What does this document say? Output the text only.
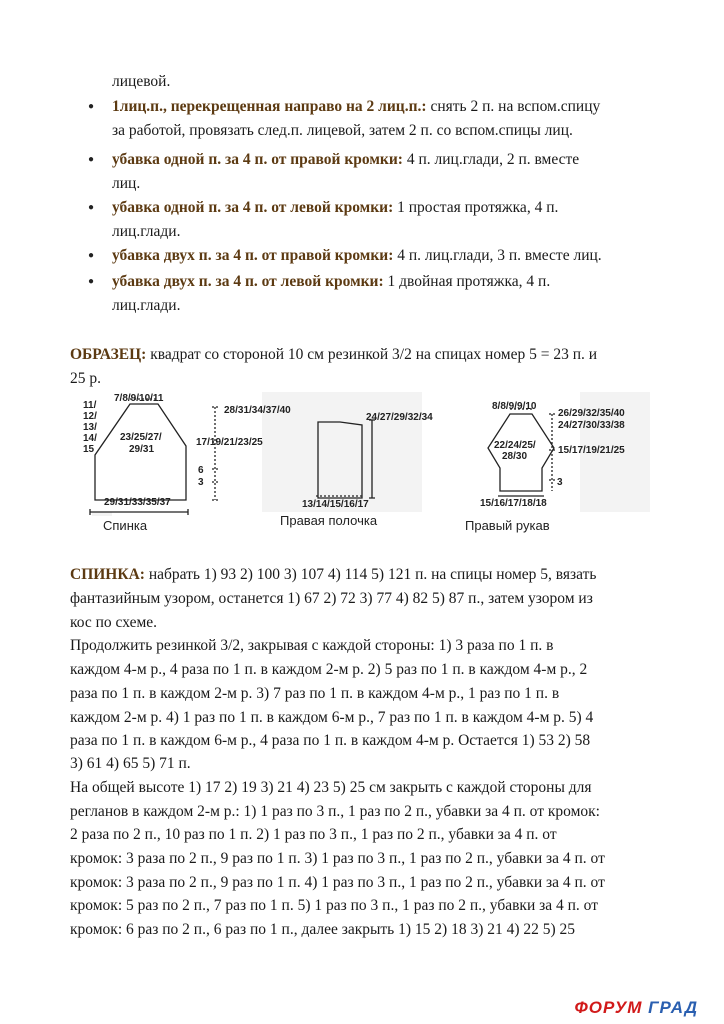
лицевой.
1лиц.п., перекрещенная направо на 2 лиц.п.: снять 2 п. на вспом.спицу
за работой, провязать след.п. лицевой, затем 2 п. со вспом.спицы лиц.
убавка одной п. за 4 п. от правой кромки: 4 п. лиц.глади, 2 п. вместе
лиц.
убавка одной п. за 4 п. от левой кромки: 1 простая протяжка, 4 п.
лиц.глади.
убавка двух п. за 4 п. от правой кромки: 4 п. лиц.глади, 3 п. вместе лиц.
убавка двух п. за 4 п. от левой кромки: 1 двойная протяжка, 4 п.
лиц.глади.
ОБРАЗЕЦ: квадрат со стороной 10 см резинкой 3/2 на спицах номер 5 = 23 п. и
25 р.
7/8/9/10/11
11/
12/
13/
14/
15
23/25/27/
29/31
28/31/34/37/40
17/19/21/23/25
6
3
29/31/33/35/37
Спинка
24/27/29/32/34
13/14/15/16/17
Правая полочка
8/8/9/9/10
26/29/32/35/40
24/27/30/33/38
22/24/25/
28/30
15/17/19/21/25
3
15/16/17/18/18
Правый рукав
СПИНКА: набрать 1) 93 2) 100 3) 107 4) 114 5) 121 п. на спицы номер 5, вязать
фантазийным узором, останется 1) 67 2) 72 3) 77 4) 82 5) 87 п., затем узором из
кос по схеме.
Продолжить резинкой 3/2, закрывая с каждой стороны: 1) 3 раза по 1 п. в
каждом 4-м р., 4 раза по 1 п. в каждом 2-м р. 2) 5 раз по 1 п. в каждом 4-м р., 2
раза по 1 п. в каждом 2-м р. 3) 7 раз по 1 п. в каждом 4-м р., 1 раз по 1 п. в
каждом 2-м р. 4) 1 раз по 1 п. в каждом 6-м р., 7 раз по 1 п. в каждом 4-м р. 5) 4
раза по 1 п. в каждом 6-м р., 4 раза по 1 п. в каждом 4-м р. Остается 1) 53 2) 58
3) 61 4) 65 5) 71 п.
На общей высоте 1) 17 2) 19 3) 21 4) 23 5) 25 см закрыть с каждой стороны для
регланов в каждом 2-м р.: 1) 1 раз по 3 п., 1 раз по 2 п., убавки за 4 п. от кромок:
2 раза по 2 п., 10 раз по 1 п. 2) 1 раз по 3 п., 1 раз по 2 п., убавки за 4 п. от
кромок: 3 раза по 2 п., 9 раз по 1 п. 3) 1 раз по 3 п., 1 раз по 2 п., убавки за 4 п. от
кромок: 3 раза по 2 п., 9 раз по 1 п. 4) 1 раз по 3 п., 1 раз по 2 п., убавки за 4 п. от
кромок: 5 раз по 2 п., 7 раз по 1 п. 5) 1 раз по 3 п., 1 раз по 2 п., убавки за 4 п. от
кромок: 6 раз по 2 п., 6 раз по 1 п., далее закрыть 1) 15 2) 18 3) 21 4) 22 5) 25
ФОРУМ ГРАД
